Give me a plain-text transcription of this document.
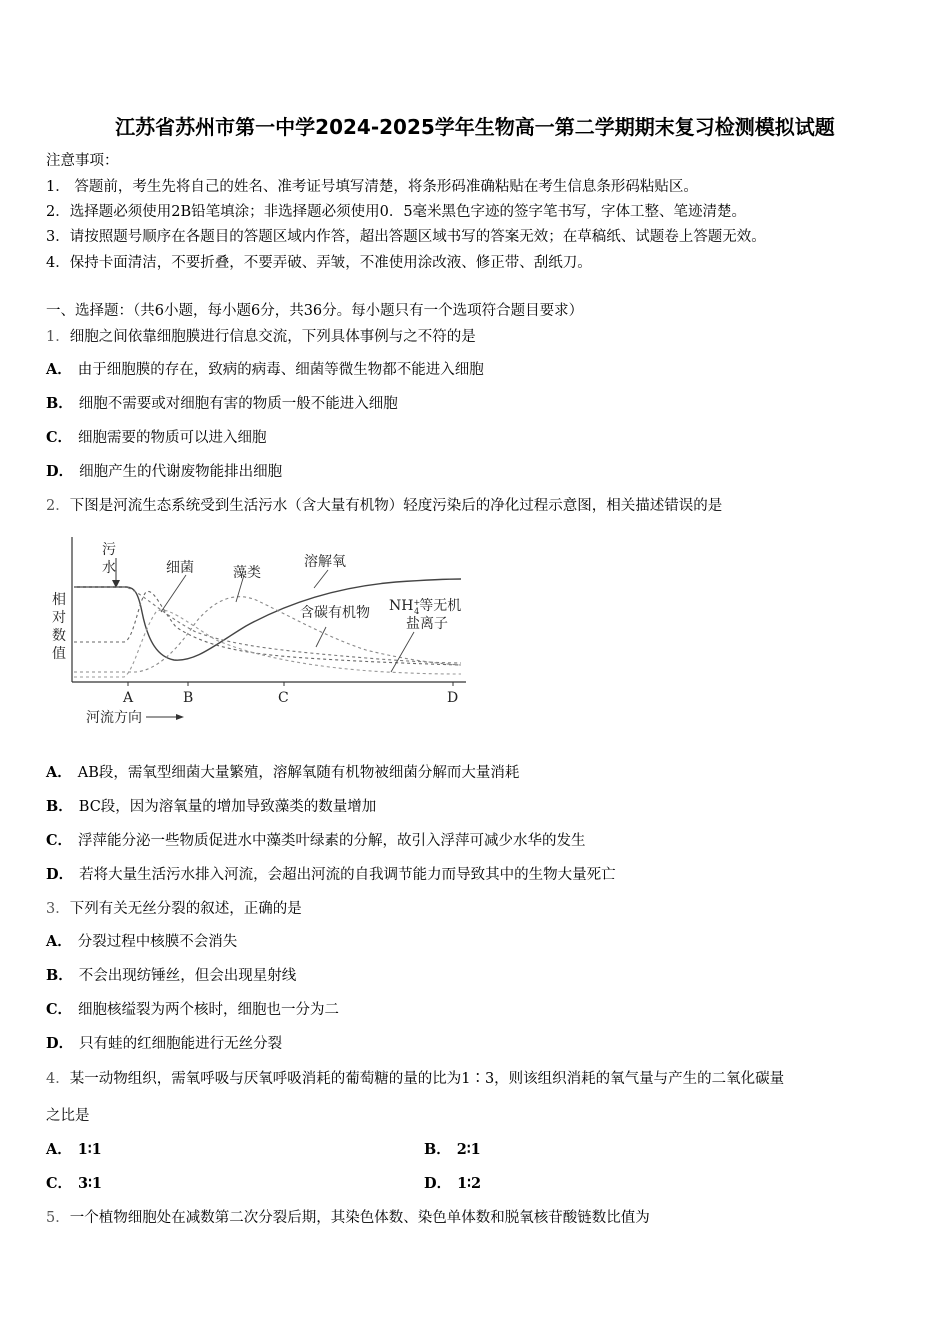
江苏省苏州市第一中学2024-2025学年生物高一第二学期期末复习检测模拟试题
注意事项：
1． 答题前，考生先将自己的姓名、准考证号填写清楚，将条形码准确粘贴在考生信息条形码粘贴区。
2．选择题必须使用2B铅笔填涂；非选择题必须使用0．5毫米黑色字迹的签字笔书写，字体工整、笔迹清楚。
3．请按照题号顺序在各题目的答题区域内作答，超出答题区域书写的答案无效；在草稿纸、试题卷上答题无效。
4．保持卡面清洁，不要折叠，不要弄破、弄皱，不准使用涂改液、修正带、刮纸刀。
一、选择题：（共6小题，每小题6分，共36分。每小题只有一个选项符合题目要求）
1．细胞之间依靠细胞膜进行信息交流，下列具体事例与之不符的是
A． 由于细胞膜的存在，致病的病毒、细菌等微生物都不能进入细胞
B． 细胞不需要或对细胞有害的物质一般不能进入细胞
C． 细胞需要的物质可以进入细胞
D． 细胞产生的代谢废物能排出细胞
2．下图是河流生态系统受到生活污水（含大量有机物）轻度污染后的净化过程示意图，相关描述错误的是
相
对
数
值
污
水	细菌	藻类
溶解氧
含碳有机物 NH+ 4等无机
盐离子
A	B	C	D
河流方向
A． AB段，需氧型细菌大量繁殖，溶解氧随有机物被细菌分解而大量消耗
B． BC段，因为溶氧量的增加导致藻类的数量增加
C． 浮萍能分泌一些物质促进水中藻类叶绿素的分解，故引入浮萍可减少水华的发生
D． 若将大量生活污水排入河流，会超出河流的自我调节能力而导致其中的生物大量死亡
3．下列有关无丝分裂的叙述，正确的是
A． 分裂过程中核膜不会消失
B． 不会出现纺锤丝，但会出现星射线
C． 细胞核缢裂为两个核时，细胞也一分为二
D． 只有蛙的红细胞能进行无丝分裂
4．某一动物组织，需氧呼吸与厌氧呼吸消耗的葡萄糖的量的比为1∶3，则该组织消耗的氧气量与产生的二氧化碳量
之比是
A． 1∶1	B． 2∶1
C． 3∶1	D． 1∶2
5．一个植物细胞处在减数第二次分裂后期，其染色体数、染色单体数和脱氧核苷酸链数比值为
